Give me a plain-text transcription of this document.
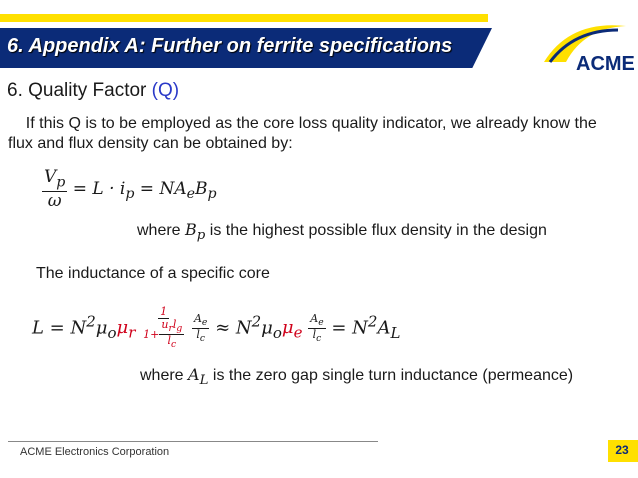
6. Appendix A: Further on ferrite specifications
ACME
6. Quality Factor (Q)
If this Q is to be employed as the core loss quality indicator, we already know the flux and flux density can be obtained by:
$\frac{V_p}{\omega} = L \cdot i_p = NA_eB_p$
where $B_p$ is the highest possible flux density in the design
The inductance of a specific core
$L = N^2\mu_o\mu_r \frac{1}{1+ \frac{u_rl_g}{l_c}}$
$\frac{A_e}{l_c} \approx N^2\mu_o\mu_e \frac{A_e}{l_c} = N^2A_L$
where $A_L$ is the zero gap single turn inductance (permeance)
ACME Electronics Corporation	23
